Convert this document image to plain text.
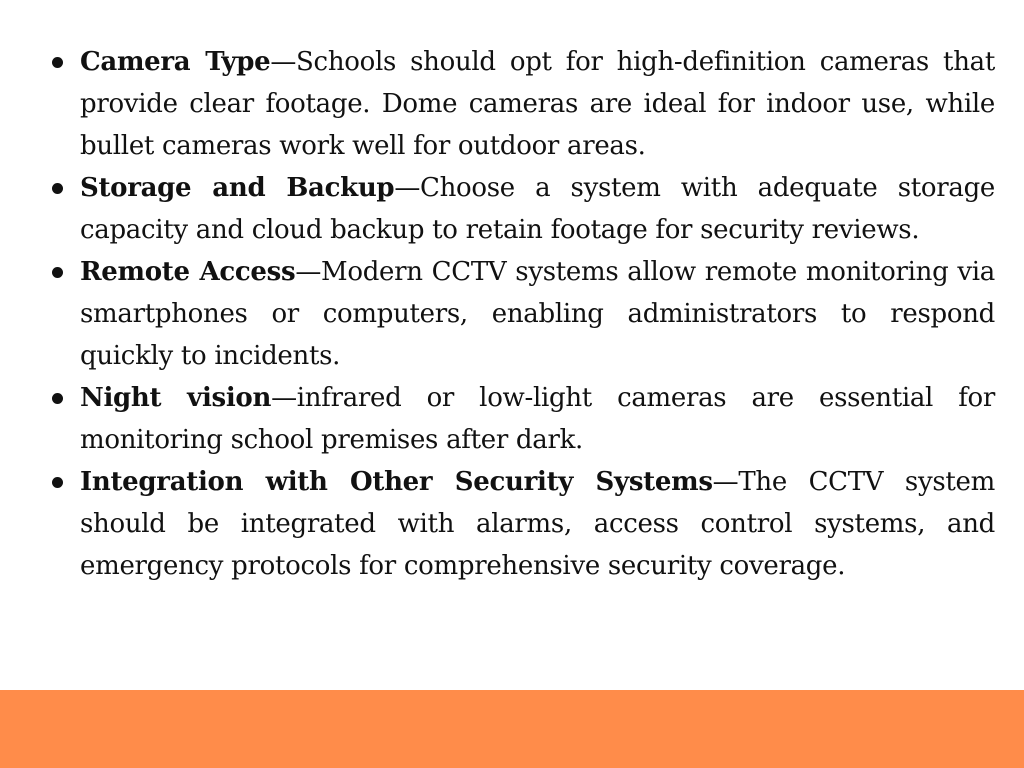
Camera Type—Schools should opt for high-definition cameras that provide clear footage. Dome cameras are ideal for indoor use, while bullet cameras work well for outdoor areas.
Storage and Backup—Choose a system with adequate storage capacity and cloud backup to retain footage for security reviews.
Remote Access—Modern CCTV systems allow remote monitoring via smartphones or computers, enabling administrators to respond quickly to incidents.
Night vision—infrared or low-light cameras are essential for monitoring school premises after dark.
Integration with Other Security Systems—The CCTV system should be integrated with alarms, access control systems, and emergency protocols for comprehensive security coverage.
